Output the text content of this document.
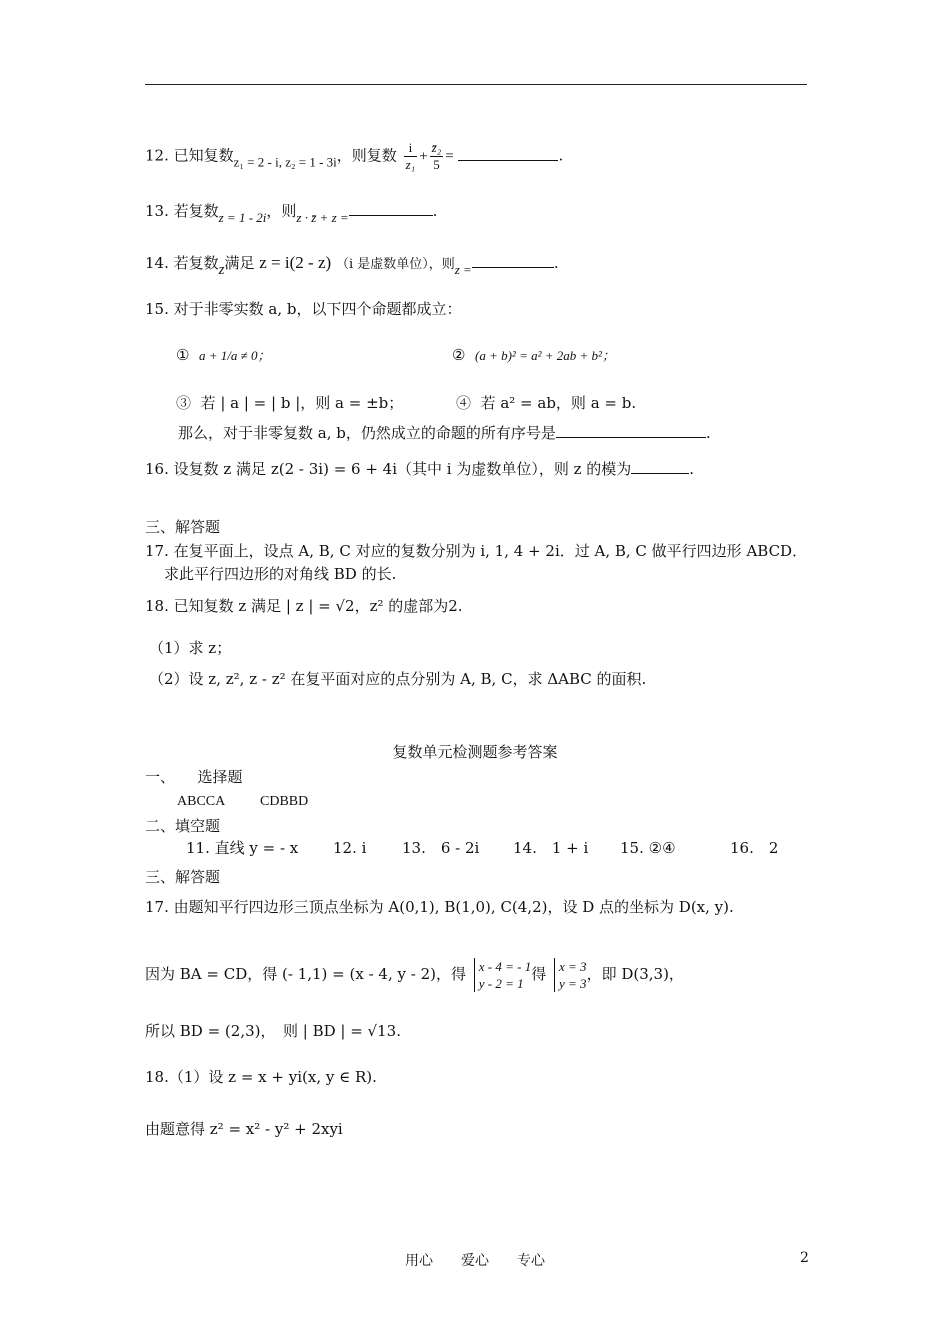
12. 已知复数z₁ = 2 - i, z₂ = 1 - 3i，则复数 $\frac{i}{\text{z₁}} + \frac{\text{z̄₂}}{5}$ =	.
13. 若复数z = 1 - 2i，则z · z̄ + z =	.
14. 若复数z满足 z = i(2 - z) （i 是虚数单位），则z =	.
15. 对于非零实数 a, b，以下四个命题都成立：
① a + 1/a ≠ 0；	② (a + b)² = a² + 2ab + b²；
③ 若 | a | = | b |，则 a = ±b；	④ 若 a² = ab，则 a = b.
那么，对于非零复数 a, b，仍然成立的命题的所有序号是	.
16. 设复数 z 满足 z(2 - 3i) = 6 + 4i（其中 i 为虚数单位），则 z 的模为	.
三、解答题
17. 在复平面上，设点 A, B, C 对应的复数分别为 i, 1, 4 + 2i．过 A, B, C 做平行四边形 ABCD．
求此平行四边形的对角线 BD 的长.
18. 已知复数 z 满足 | z | = √2，z² 的虚部为2.
（1）求 z；
（2）设 z, z², z - z² 在复平面对应的点分别为 A, B, C，求 ΔABC 的面积.
复数单元检测题参考答案
一、　　选择题
ABCCA CDBBD
二、填空题
11. 直线 y = - x 12. i 13.　6 - 2i 14.　1 + i 15. ②④	16.　2
三、解答题
17. 由题知平行四边形三顶点坐标为 A(0,1), B(1,0), C(4,2)，设 D 点的坐标为 D(x, y).
因为 BA = CD，得 (- 1,1) = (x - 4, y - 2)，得 x - 4 = - 1
y - 2 = 1
得 x = 3
y = 3
，即 D(3,3)，
所以 BD = (2,3)，　则 | BD | = √13.
18.（1）设 z = x + yi(x, y ∈ R).
由题意得 z² = x² - y² + 2xyi
用心　　爱心　　专心	2
